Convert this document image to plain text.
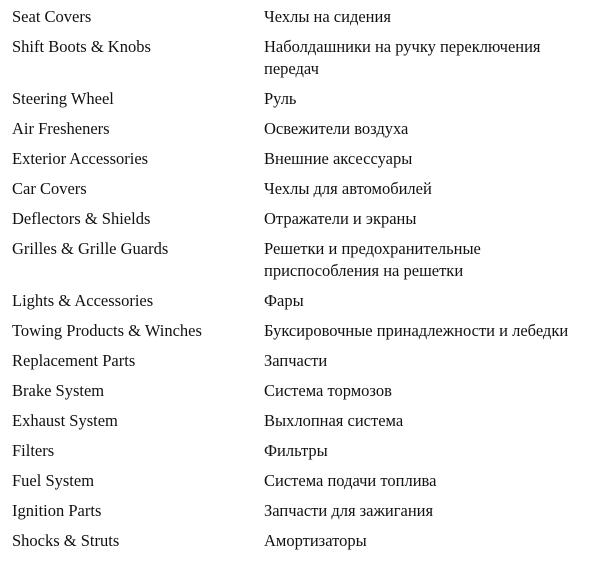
Seat Covers	Чехлы на сидения
Shift Boots & Knobs	Наболдашники на ручку переключения
передач
Steering Wheel	Руль
Air Fresheners	Освежители воздуха
Exterior Accessories	Внешние аксессуары
Car Covers	Чехлы для автомобилей
Deflectors & Shields	Отражатели и экраны
Grilles & Grille Guards	Решетки и предохранительные
приспособления на решетки
Lights & Accessories	Фары
Towing Products & Winches	Буксировочные принадлежности и лебедки
Replacement Parts	Запчасти
Brake System	Система тормозов
Exhaust System	Выхлопная система
Filters	Фильтры
Fuel System	Система подачи топлива
Ignition Parts	Запчасти для зажигания
Shocks & Struts	Амортизаторы
